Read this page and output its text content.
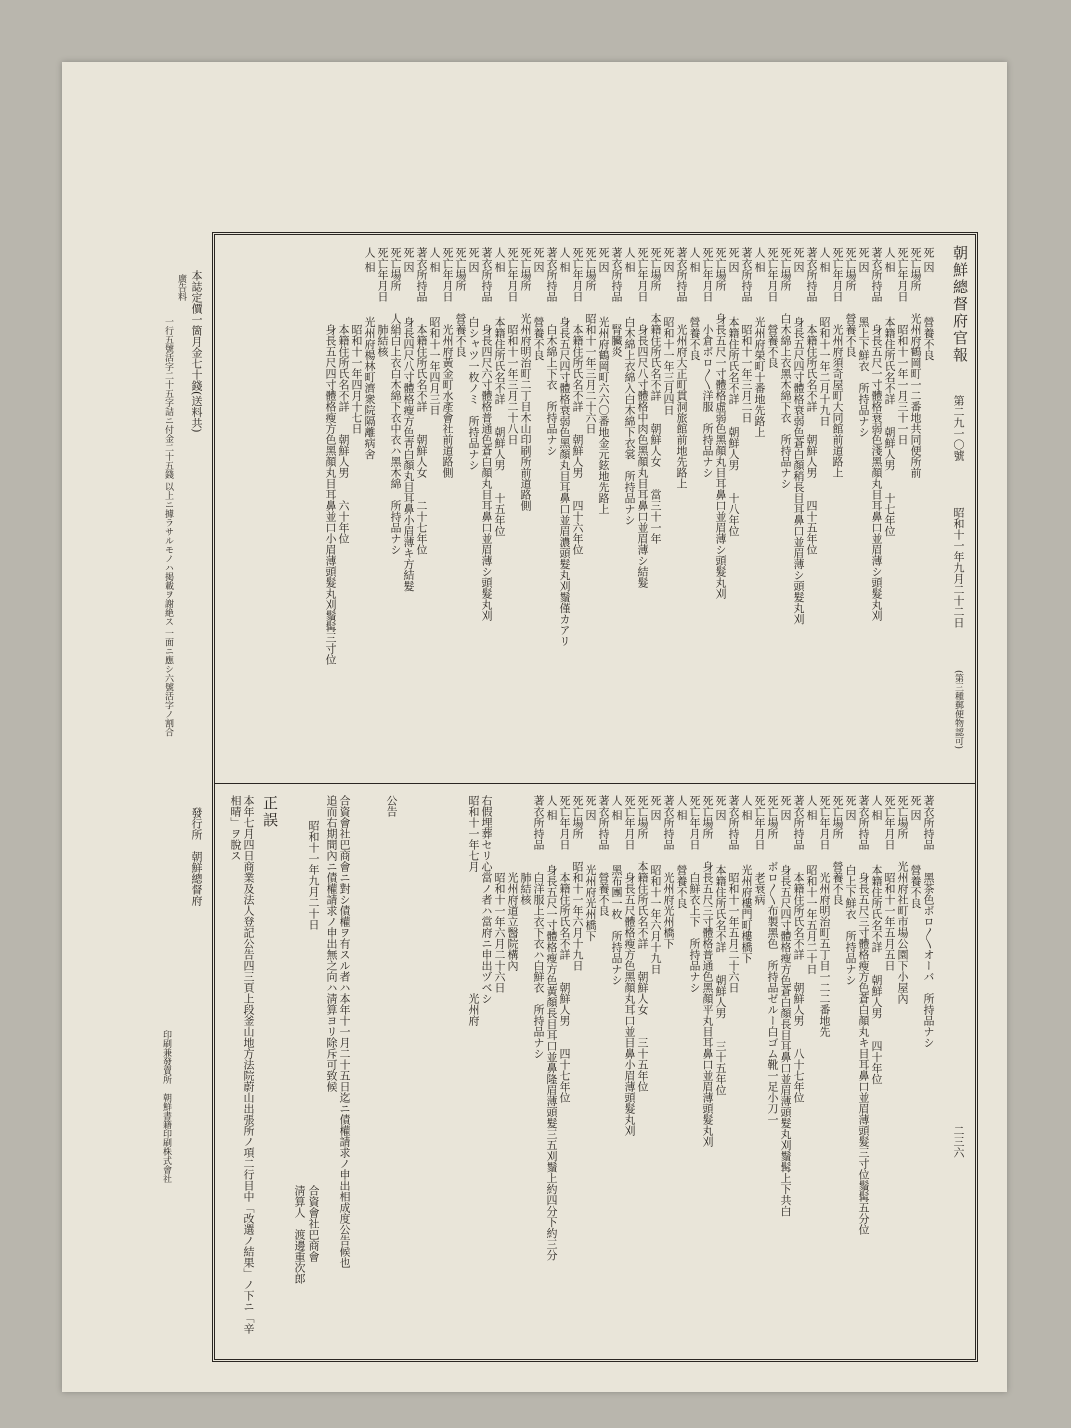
本誌定價一箇月金七十錢(送料共)
廣告料
一行五號活字二十五字詰ニ付金二十五錢 以上ニ據ラサルモノハ掲載ヲ謝絶ス 一面ニ應シ六號活字ノ割合
發行所　朝鮮總督府
印刷兼發賣所　朝鮮書籍印刷株式會社
朝鮮總督府官報
第二九一〇號
昭和十一年九月二十二日
(第三種郵便物認可)
二三六
死 因　　　　營養不良
死亡場所　　光州府鶴岡町一二番地共同便所前
死亡年月日　　昭和十一年一月三十一日
人 相　　　　本籍住所氏名不詳　　朝鮮人男　　十七年位
著衣所持品　　身長五尺一寸體格衰弱色淺黑顏丸目耳鼻口並眉薄シ頭髮丸刈
死 因　　　　黑上下鮮衣　所持品ナシ
死亡場所　　營養不良
死亡年月日　　光州府須奇屋町大同館前道路上
人 相　　　　昭和十一年二月十九日
著衣所持品　　本籍住所氏名不詳　　朝鮮人男　　四十五年位
死 因　　　　身長五尺四寸體格衰弱色蒼白顏稍長目耳鼻口並眉薄シ頭髮丸刈
死亡場所　　白木綿上衣黑木綿下衣　所持品ナシ
死亡年月日　　營養不良
人 相　　　　光州府榮町十番地先路上
著衣所持品　　昭和十一年三月二日
死 因　　　　本籍住所氏名不詳　　朝鮮人男　　十八年位
死亡場所　　身長五尺一寸體格虛弱色黑顏丸目耳鼻口並眉薄シ頭髮丸刈
死亡年月日　　小倉ボロ〳〵洋服　所持品ナシ
人 相　　　　營養不良
著衣所持品　　光州府大正町貫洞旅館前地先路上
死 因　　　　昭和十一年三月四日
死亡場所　　本籍住所氏名不詳　　朝鮮人女　　當三十一年
死亡年月日　　身長四尺八寸體格中肉色黑顏丸目耳鼻口並眉薄シ結髮
人 相　　　　白木綿上衣綿入白木綿下衣裳　所持品ナシ
著衣所持品　　腎臟炎
死 因　　　　光州府鶴岡町六六〇番地金元鉉地先路上
死亡場所　　昭和十一年三月二十六日
死亡年月日　　本籍住所氏名不詳　　朝鮮人男　　四十六年位
人 相　　　　身長五尺四寸體格衰弱色黑顏丸目耳鼻口並眉濃頭髮丸刈鬚僅カアリ
著衣所持品　　白木綿上下衣　所持品ナシ
死 因　　　　營養不良
死亡場所　　光州府明治町二丁目木山印刷所前道路側
死亡年月日　　昭和十一年三月二十八日
人 相　　　　本籍住所氏名不詳　　朝鮮人男　　十五年位
著衣所持品　　身長四尺六寸體格普通色蒼白顏丸目耳鼻口並眉薄シ頭髮丸刈
死 因　　　　白シャツ一枚ノミ　所持品ナシ
死亡場所　　營養不良
死亡年月日　　光州府黃金町水產會社前道路側
人 相　　　　昭和十一年四月三日
著衣所持品　　本籍住所氏名不詳　　朝鮮人女　　二十七年位
死 因　　　　身長四尺八寸體格瘦方色青白顏丸目耳鼻小眉薄キ方結髮
死亡場所　　人絹白上衣白木綿下衣中衣ハ黑木綿　所持品ナシ
死亡年月日　　肺結核
人 相　　　　光州府楊林町濟衆院隔離病舍
　　　　　　　昭和十一年四月十七日
　　　　　　　本籍住所氏名不詳　　朝鮮人男　　六十年位
　　　　　　　身長五尺四寸體格瘦方色黑顏丸目耳鼻並口小眉薄頭髮丸刈鬚髯三寸位
著衣所持品　　黑茶色ボロ〳〵オーバ　所持品ナシ
死 因　　　　營養不良
死亡場所　　光州府社町市場公園下小屋內
死亡年月日　　昭和十一年五月五日
人 相　　　　本籍住所氏名不詳　　朝鮮人男　　四十年位
著衣所持品　　身長五尺三寸體格瘦方色蒼白顏丸キ目耳鼻口並眉薄頭髮三寸位鬚髯五分位
死 因　　　　白上下鮮衣　所持品ナシ
死亡場所　　營養不良
死亡年月日　　光州府明治町五丁目一二二番地先
人 相　　　　昭和十一年五月二十日
著衣所持品　　本籍住所氏名不詳　　朝鮮人男　　八十七年位
死 因　　　　身長五尺四寸體格瘦方色蒼白顏長目耳鼻口並眉薄頭髮丸刈鬚髯上下共白
死亡場所　　ボロ〳〵布製黑色　所持品ゼルー白ゴム靴一足小刀一
死亡年月日　　老衰病
人 相　　　　光州府樓門町樓橋下
著衣所持品　　昭和十一年五月二十六日
死 因　　　　本籍住所氏名不詳　　朝鮮人男　　三十五年位
死亡場所　　身長五尺三寸體格普通色黑顏平丸目耳鼻口並眉薄頭髮丸刈
死亡年月日　　白鮮衣上下　所持品ナシ
人 相　　　　營養不良
著衣所持品　　光州府光州橋下
死 因　　　　昭和十一年六月十九日
死亡場所　　本籍住所氏名不詳　　朝鮮人女　　三十五年位
死亡年月日　　身長五尺體格瘦方色黑顏丸耳口並目鼻小眉薄頭髮丸刈
人 相　　　　黑布團一枚　所持品ナシ
著衣所持品　　營養不良
死 因　　　　光州府光州橋下
死亡場所　　昭和十一年六月十九日
死亡年月日　　本籍住所氏名不詳　　朝鮮人男　　四十七年位
人 相　　　　身長五尺一寸體格瘦方色黃顏長目耳口並鼻隆眉薄頭髮三五刈鬚上約四分下約三分
著衣所持品　　白洋服上衣下衣ハ白鮮衣　所持品ナシ
　　　　　　　肺結核
　　　　　　　光州府道立醫院構內
　　　　　　　昭和十一年六月二十六日
右假埋葬セリ心當ノ者ハ當府ニ申出ヅベシ
昭和十一年七月　　　　　　　　　　　光州府
公告
合資會社巴商會ニ對シ債權ヲ有スル者ハ本年十一月二十五日迄ニ債權請求ノ申出相成度公告候也
追而右期間內ニ債權請求ノ申出無之向ハ淸算ヨリ除斥可致候
昭和十一年九月二十日
合資會社巴商會
淸算人　渡邊重次郎
正誤
本年七月四日商業及法人登記公告四三頁上段釜山地方法院蔚山出張所ノ項二行目中「改選ノ結果」ノ下ニ「辛相晴」ヲ脫ス
